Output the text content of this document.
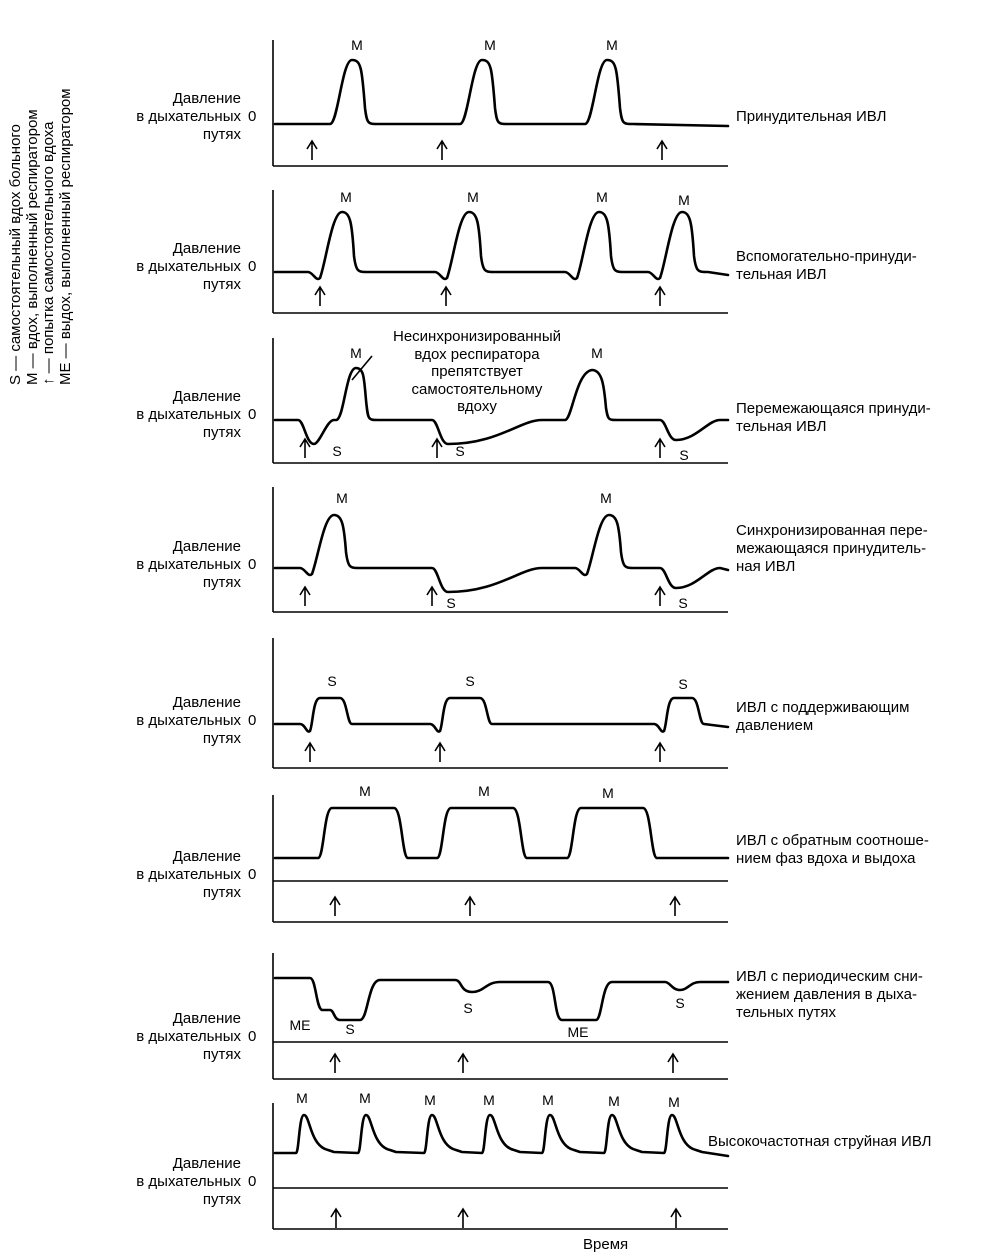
S — самостоятельный вдох больного M — вдох, выполненный респиратором ↑ — попытка самостоятельного вдоха ME — выдох, выполненный респиратором
M	M	M
M	M	M	M
M	M
S	S	S
M	M
S	S
S	S	S
M	M	M
ME S
S
ME
S
M	M	M	M	M	M	M
Давление
в дыхательных
путях
0	Принудительная ИВЛ
Давление
в дыхательных
путях
0
Вспомогательно-принуди-
тельная ИВЛ
Давление
в дыхательных
путях
0	Перемежающаяся принуди-
тельная ИВЛ
Давление
в дыхательных
путях
0
Синхронизированная пере-
межающаяся принудитель-
ная ИВЛ
Давление
в дыхательных
путях
0
ИВЛ с поддерживающим
давлением
Давление
в дыхательных
путях
0
ИВЛ с обратным соотноше-
нием фаз вдоха и выдоха
Давление
в дыхательных
путях
0
ИВЛ с периодическим сни-
жением давления в дыха-
тельных путях
Давление
в дыхательных
путях
0
Высокочастотная струйная ИВЛ
Несинхронизированный
вдох респиратора
препятствует
самостоятельному
вдоху
Время
